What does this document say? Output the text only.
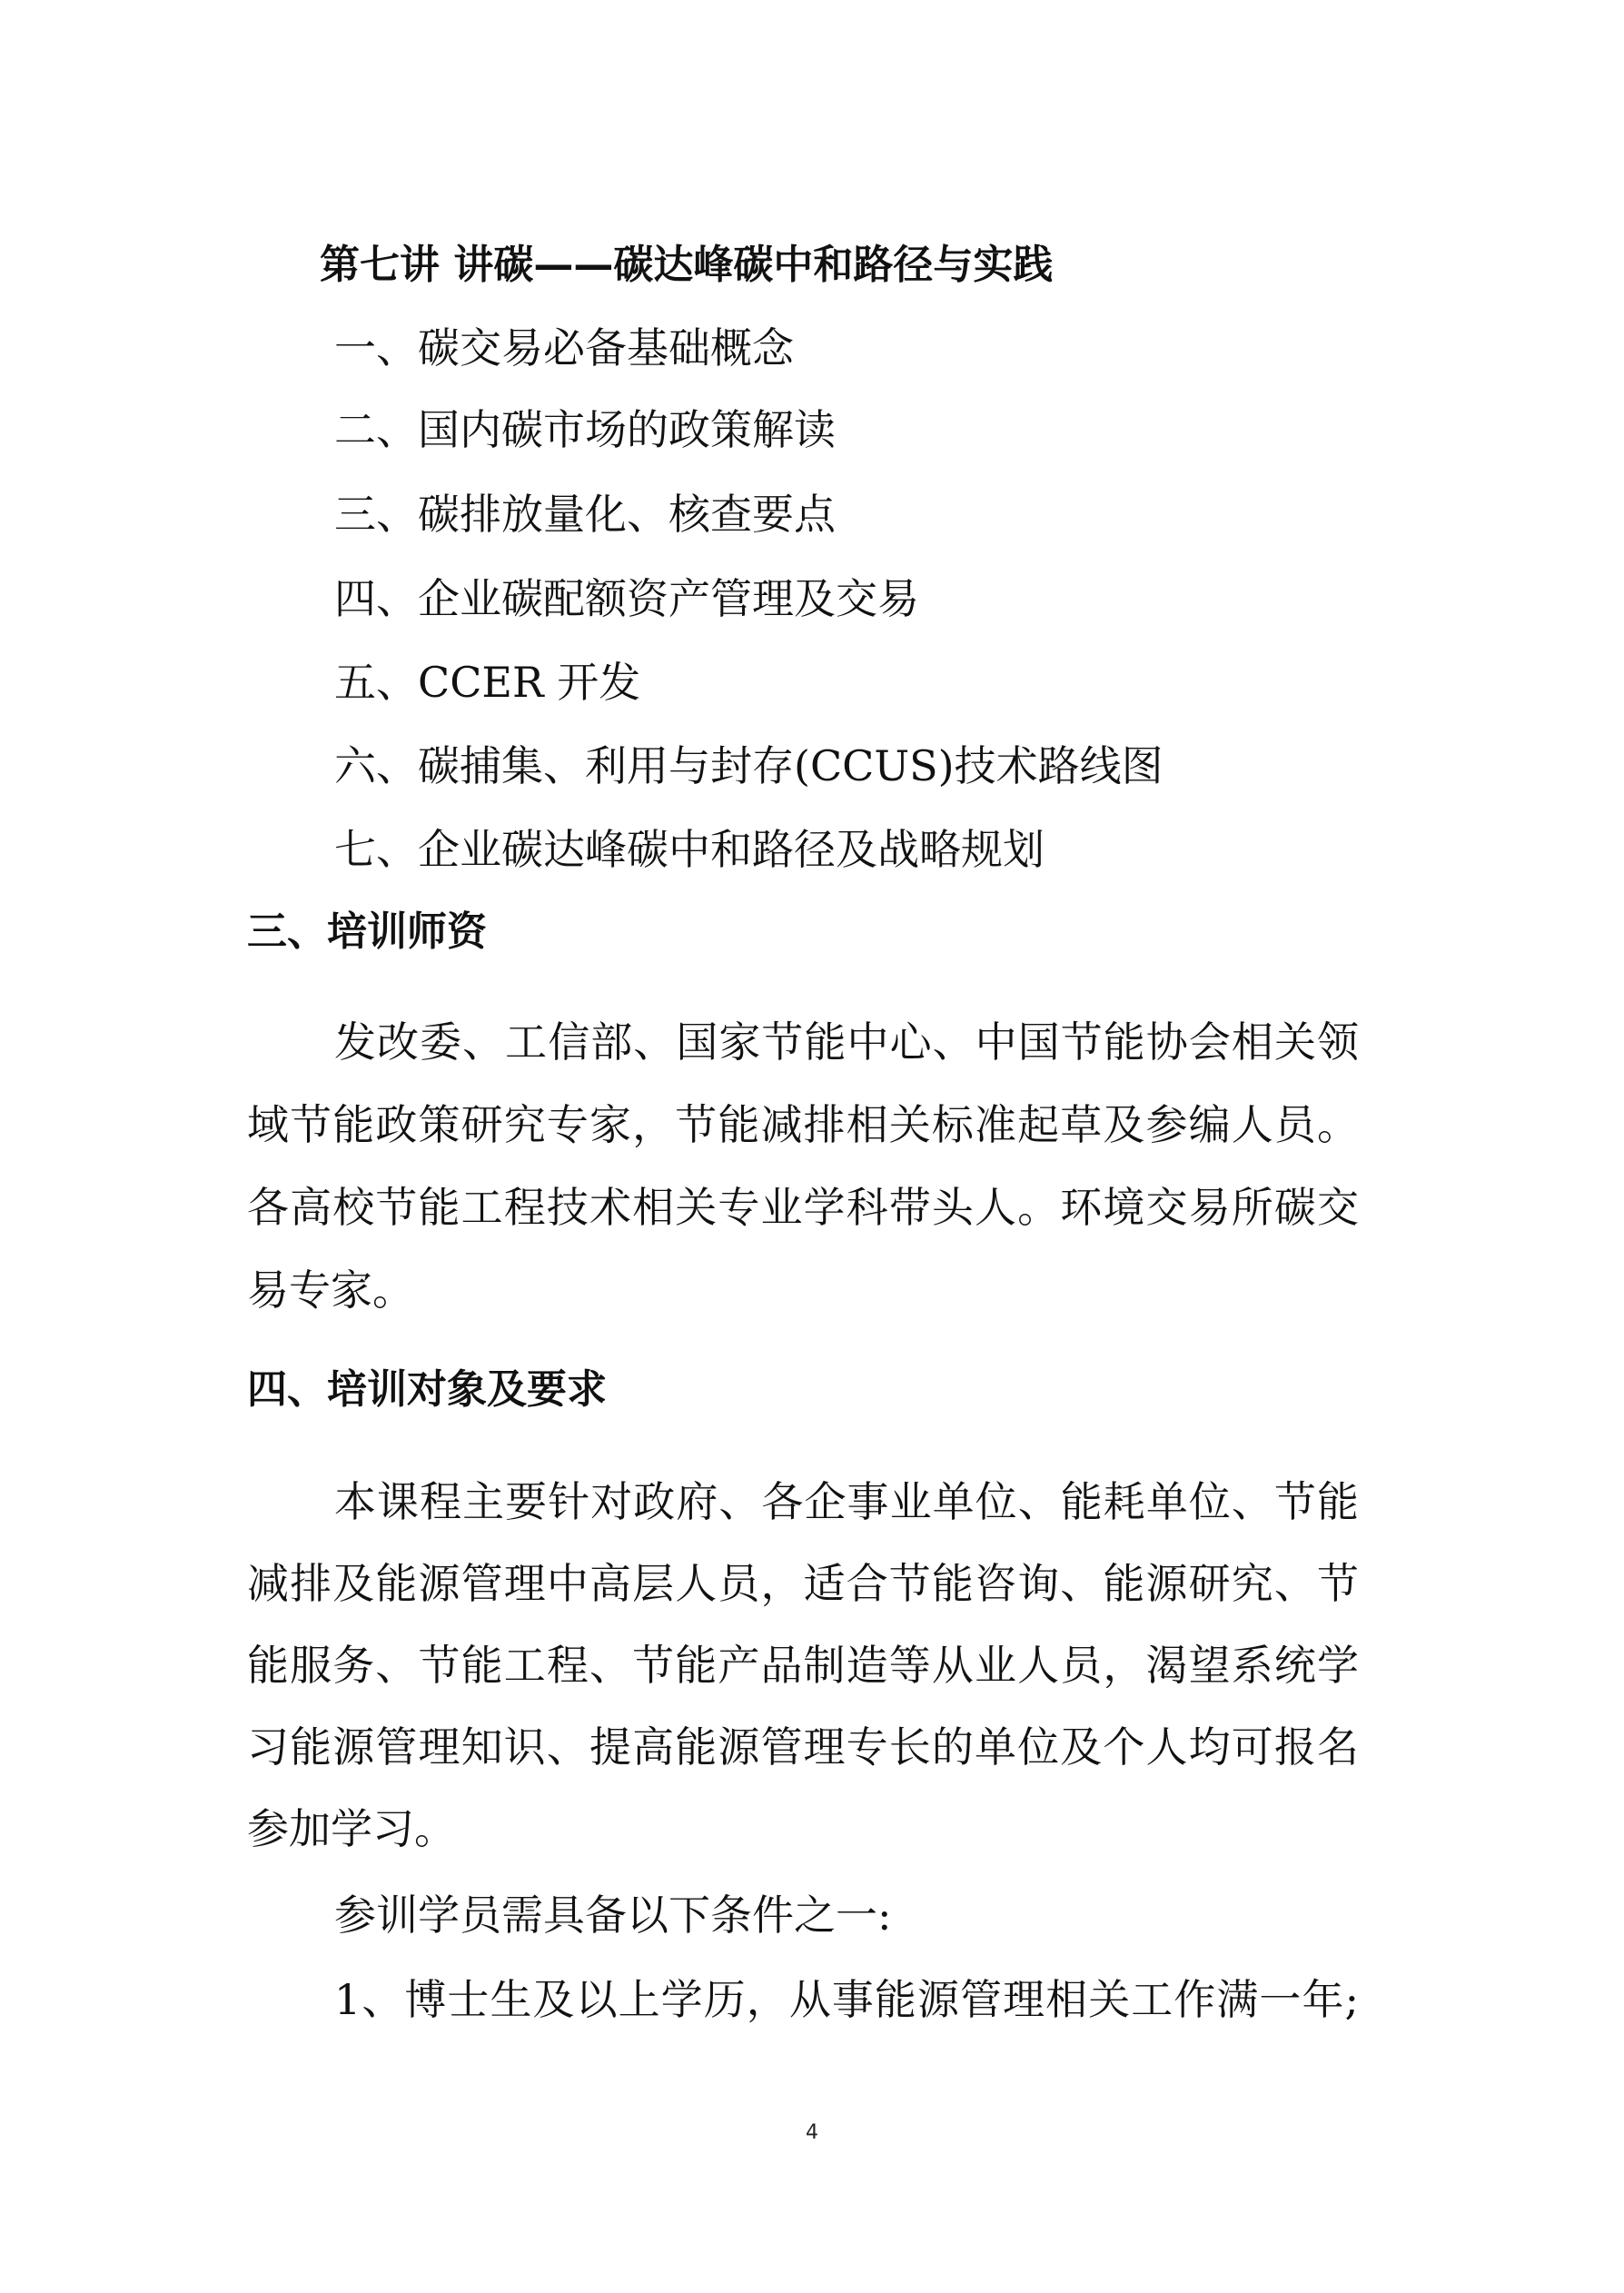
第七讲 讲碳——碳达峰碳中和路径与实践
一、碳交易必备基础概念
二、国内碳市场的政策解读
三、碳排放量化、核查要点
四、企业碳配额资产管理及交易
五、CCER 开发
六、碳捕集、利用与封存(CCUS)技术路线图
七、企业碳达峰碳中和路径及战略规划
三、培训师资
发改委、工信部、国家节能中心、中国节能协会相关领
域节能政策研究专家，节能减排相关标准起草及参编人员。
各高校节能工程技术相关专业学科带头人。环境交易所碳交
易专家。
四、培训对象及要求
本课程主要针对政府、各企事业单位、能耗单位、节能
减排及能源管理中高层人员，适合节能咨询、能源研究、节
能服务、节能工程、节能产品制造等从业人员，渴望系统学
习能源管理知识、提高能源管理专长的单位及个人均可报名
参加学习。
参训学员需具备以下条件之一:
1、博士生及以上学历，从事能源管理相关工作满一年;
4
